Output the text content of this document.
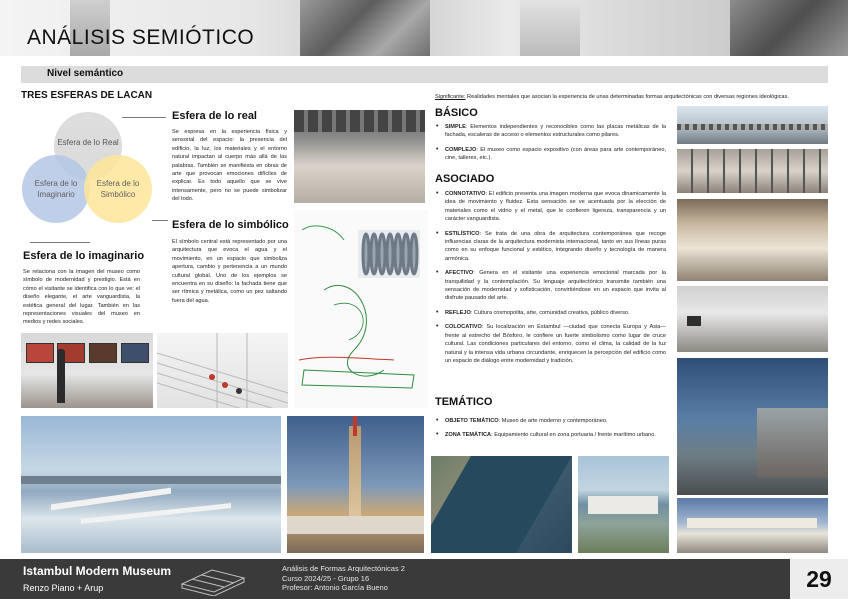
ANÁLISIS SEMIÓTICO
Nivel semántico
TRES ESFERAS DE LACAN
Esfera de lo Real
Esfera de lo Imaginario
Esfera de lo Simbólico
Esfera de lo real
Se expresa en la experiencia física y sensorial del espacio: la presencia del edificio, la luz, los materiales y el entorno natural impactan al cuerpo más allá de las palabras. También se manifiesta en obras de arte que provocan emociones difíciles de explicar. Es todo aquello que se vive intensamente, pero no se puede simbolizar del todo.
Esfera de lo simbólico
El símbolo central está representado por una arquitectura que evoca el agua y el movimiento, en un espacio que simboliza apertura, cambio y pertenencia a un mundo cultural global. Uno de los ejemplos se encuentra en su diseño: la fachada tiene que ser rítmica y metálica, como un pez saltando fuera del agua.
Esfera de lo imaginario
Se relaciona con la imagen del museo como símbolo de modernidad y prestigio. Está en cómo el visitante se identifica con lo que ve: el diseño elegante, el arte vanguardista, la estética general del lugar. También en las representaciones visuales del museo en medios y redes sociales.
Significante: Realidades mentales que asocian la experiencia de unas determinadas formas arquitectónicas con diversas regiones ideológicas.
BÁSICO
• SIMPLE: Elementos independientes y reconocibles como las placas metálicas de la fachada, escaleras de acceso o elementos estructurales como pilares.
• COMPLEJO: El museo como espacio expositivo (con áreas para arte contemporáneo, cine, talleres, etc.).
ASOCIADO
• CONNOTATIVO: El edificio presenta una imagen moderna que evoca dinamicamente la idea de movimiento y fluidez. Esta sensación se ve acentuada por la elección de materiales como el vidrio y el metal, que le confieren ligereza, transparencia y un carácter vanguardista.
• ESTILÍSTICO: Se trata de una obra de arquitectura contemporánea que recoge influencias claras de la arquitectura modernista internacional, tanto en sus líneas puras como en su enfoque funcional y estético, integrando diseño y tecnología de manera armónica.
• AFECTIVO: Genera en el visitante una experiencia emocional marcada por la tranquilidad y la contemplación. Su lenguaje arquitectónico transmite también una sensación de modernidad y sofisticación, convirtiéndose en un espacio que invita al disfrute pausado del arte.
• REFLEJO: Cultura cosmopolita, arte, comunidad creativa, público diverso.
• COLOCATIVO: Su localización en Estambul —ciudad que conecta Europa y Asia— frente al estrecho del Bósforo, le confiere un fuerte simbolismo como lugar de cruce cultural. Las condiciones particulares del entorno, como el clima, la calidad de la luz natural y la intensa vida urbana circundante, enriquecen la percepción del edificio como un espacio de diálogo entre modernidad y tradición.
TEMÁTICO
• OBJETO TEMÁTICO: Museo de arte moderno y contemporáneo.
• ZONA TEMÁTICA: Equipamiento cultural en zona portuaria / frente marítimo urbano.
Istambul Modern Museum
Renzo Piano + Arup
Análisis de Formas Arquitectónicas 2
Curso 2024/25 - Grupo 16
Profesor: Antonio García Bueno	29
